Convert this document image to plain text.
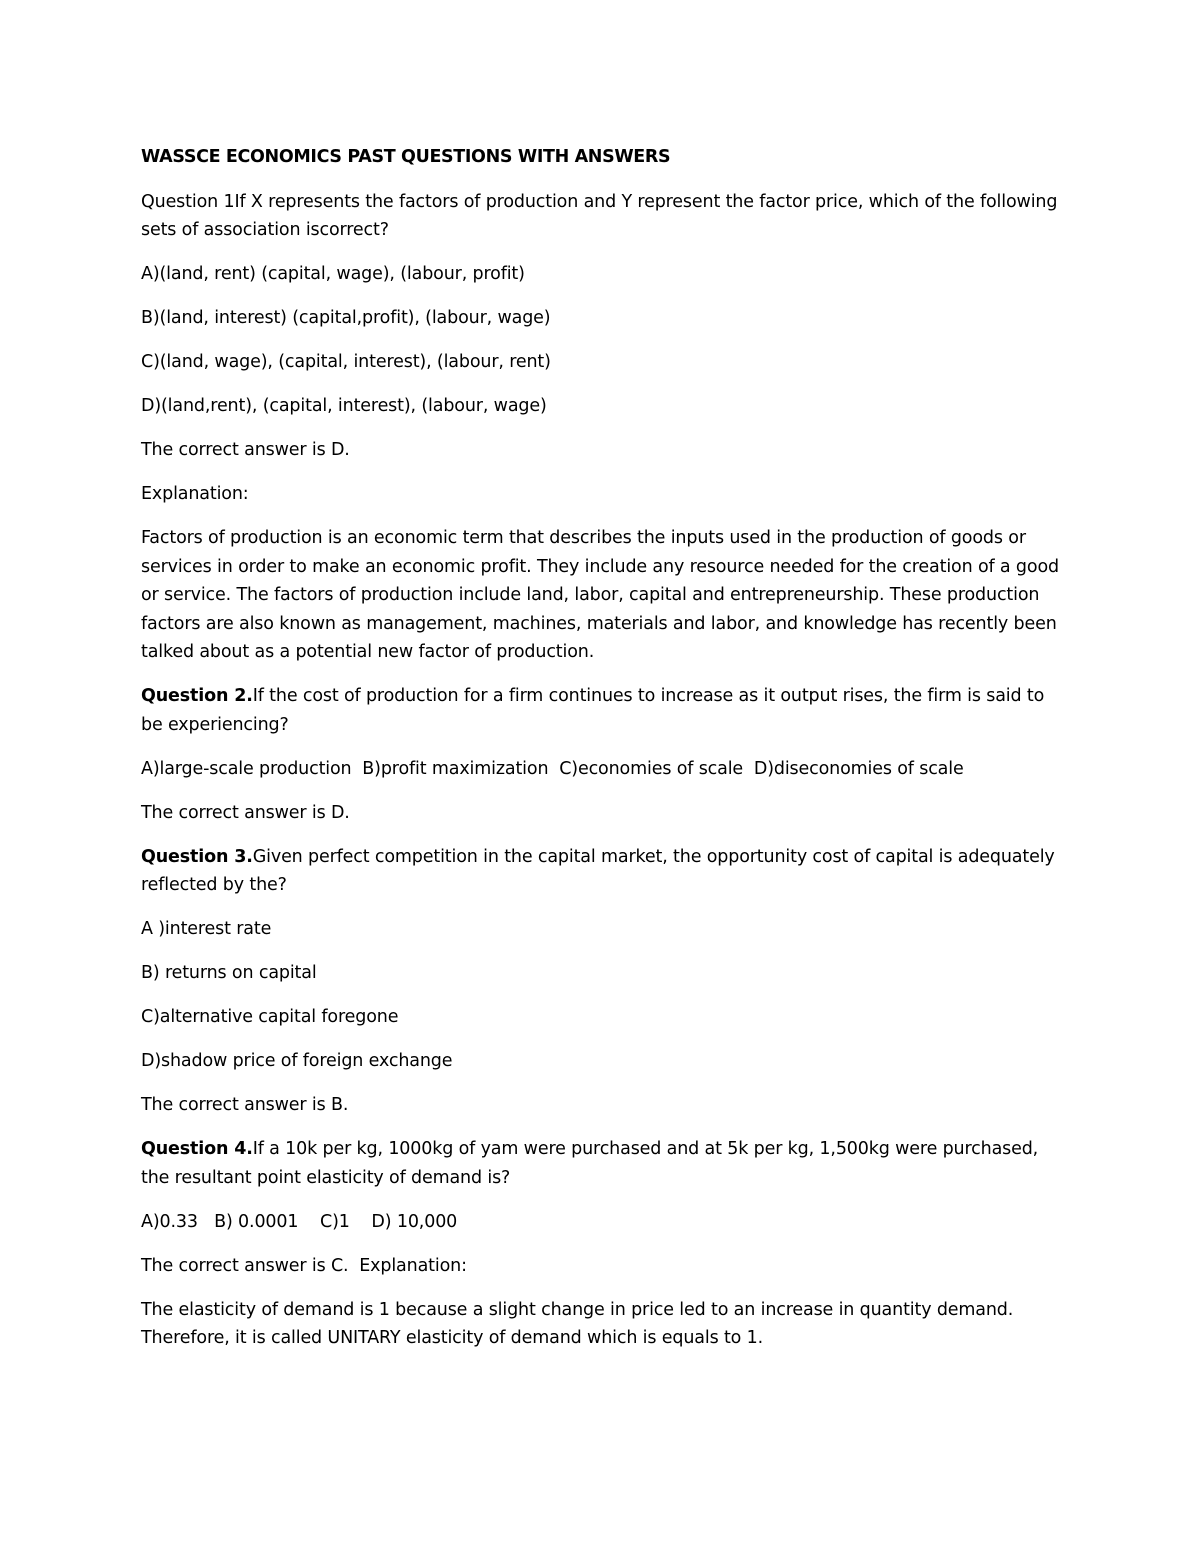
WASSCE ECONOMICS PAST QUESTIONS WITH ANSWERS

Question 1If X represents the factors of production and Y represent the factor price, which of the following sets of association iscorrect?

A)(land, rent) (capital, wage), (labour, profit)

B)(land, interest) (capital,profit), (labour, wage)

C)(land, wage), (capital, interest), (labour, rent)

D)(land,rent), (capital, interest), (labour, wage)

The correct answer is D.

Explanation:

Factors of production is an economic term that describes the inputs used in the production of goods or services in order to make an economic profit. They include any resource needed for the creation of a good or service. The factors of production include land, labor, capital and entrepreneurship. These production factors are also known as management, machines, materials and labor, and knowledge has recently been talked about as a potential new factor of production.

Question 2.If the cost of production for a firm continues to increase as it output rises, the firm is said to be experiencing?

A)large-scale production  B)profit maximization  C)economies of scale  D)diseconomies of scale

The correct answer is D.

Question 3.Given perfect competition in the capital market, the opportunity cost of capital is adequately reflected by the?

A )interest rate

B) returns on capital

C)alternative capital foregone

D)shadow price of foreign exchange

The correct answer is B.

Question 4.If a 10k per kg, 1000kg of yam were purchased and at 5k per kg, 1,500kg were purchased, the resultant point elasticity of demand is?

A)0.33   B) 0.0001    C)1    D) 10,000

The correct answer is C.  Explanation:

The elasticity of demand is 1 because a slight change in price led to an increase in quantity demand. Therefore, it is called UNITARY elasticity of demand which is equals to 1.
